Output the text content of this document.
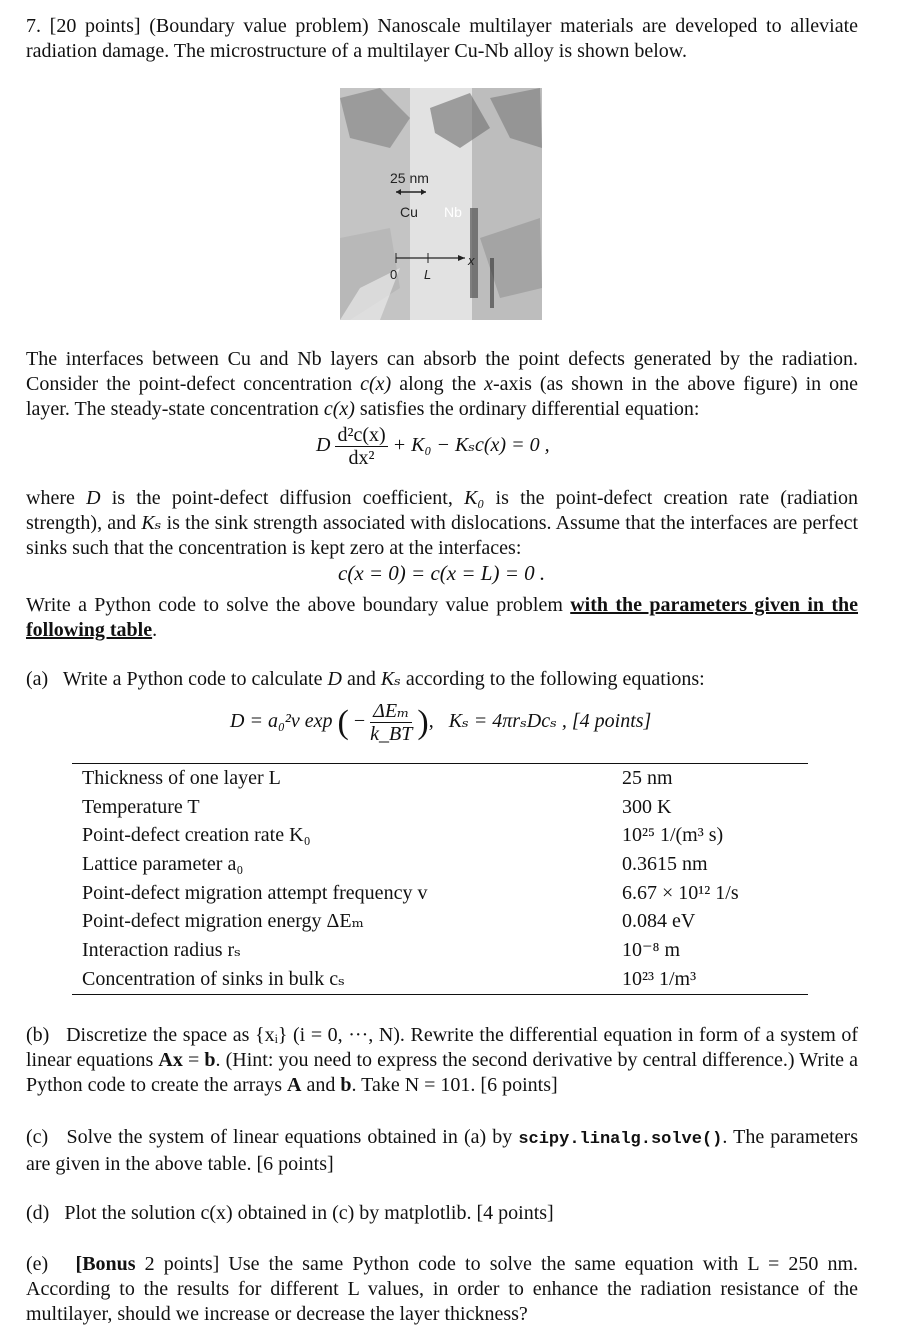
7. [20 points] (Boundary value problem) Nanoscale multilayer materials are developed to alleviate radiation damage. The microstructure of a multilayer Cu-Nb alloy is shown below.
25 nm
Cu Nb
0 L
x
The interfaces between Cu and Nb layers can absorb the point defects generated by the radiation. Consider the point-defect concentration c(x) along the x-axis (as shown in the above figure) in one layer. The steady-state concentration c(x) satisfies the ordinary differential equation:
D $\frac{\text{d²c(x)}}{\text{dx²}} + K_0 - K_sc(x) = 0$ ,
where D is the point-defect diffusion coefficient, K₀ is the point-defect creation rate (radiation strength), and Kₛ is the sink strength associated with dislocations. Assume that the interfaces are perfect sinks such that the concentration is kept zero at the interfaces:
c(x = 0) = c(x = L) = 0 .
Write a Python code to solve the above boundary value problem with the parameters given in the following table.
(a) Write a Python code to calculate D and Kₛ according to the following equations:
D = a₀²v exp ( − $\frac{\text{ΔEₘ}}{k\_BT}$ ), Kₛ = 4πrₛDcₛ , [4 points]
Thickness of one layer L	25 nm
Temperature T	300 K
Point-defect creation rate K₀	10²⁵ 1/(m³ s)
Lattice parameter a₀	0.3615 nm
Point-defect migration attempt frequency v	6.67 × 10¹² 1/s
Point-defect migration energy ΔEₘ	0.084 eV
Interaction radius rₛ	10⁻⁸ m
Concentration of sinks in bulk cₛ	10²³ 1/m³
(b) Discretize the space as {xᵢ} (i = 0, ···, N). Rewrite the differential equation in form of a system of linear equations Ax = b. (Hint: you need to express the second derivative by central difference.) Write a Python code to create the arrays A and b. Take N = 101. [6 points]
(c) Solve the system of linear equations obtained in (a) by scipy.linalg.solve(). The parameters are given in the above table. [6 points]
(d) Plot the solution c(x) obtained in (c) by matplotlib. [4 points]
(e) [Bonus 2 points] Use the same Python code to solve the same equation with L = 250 nm. According to the results for different L values, in order to enhance the radiation resistance of the multilayer, should we increase or decrease the layer thickness?
